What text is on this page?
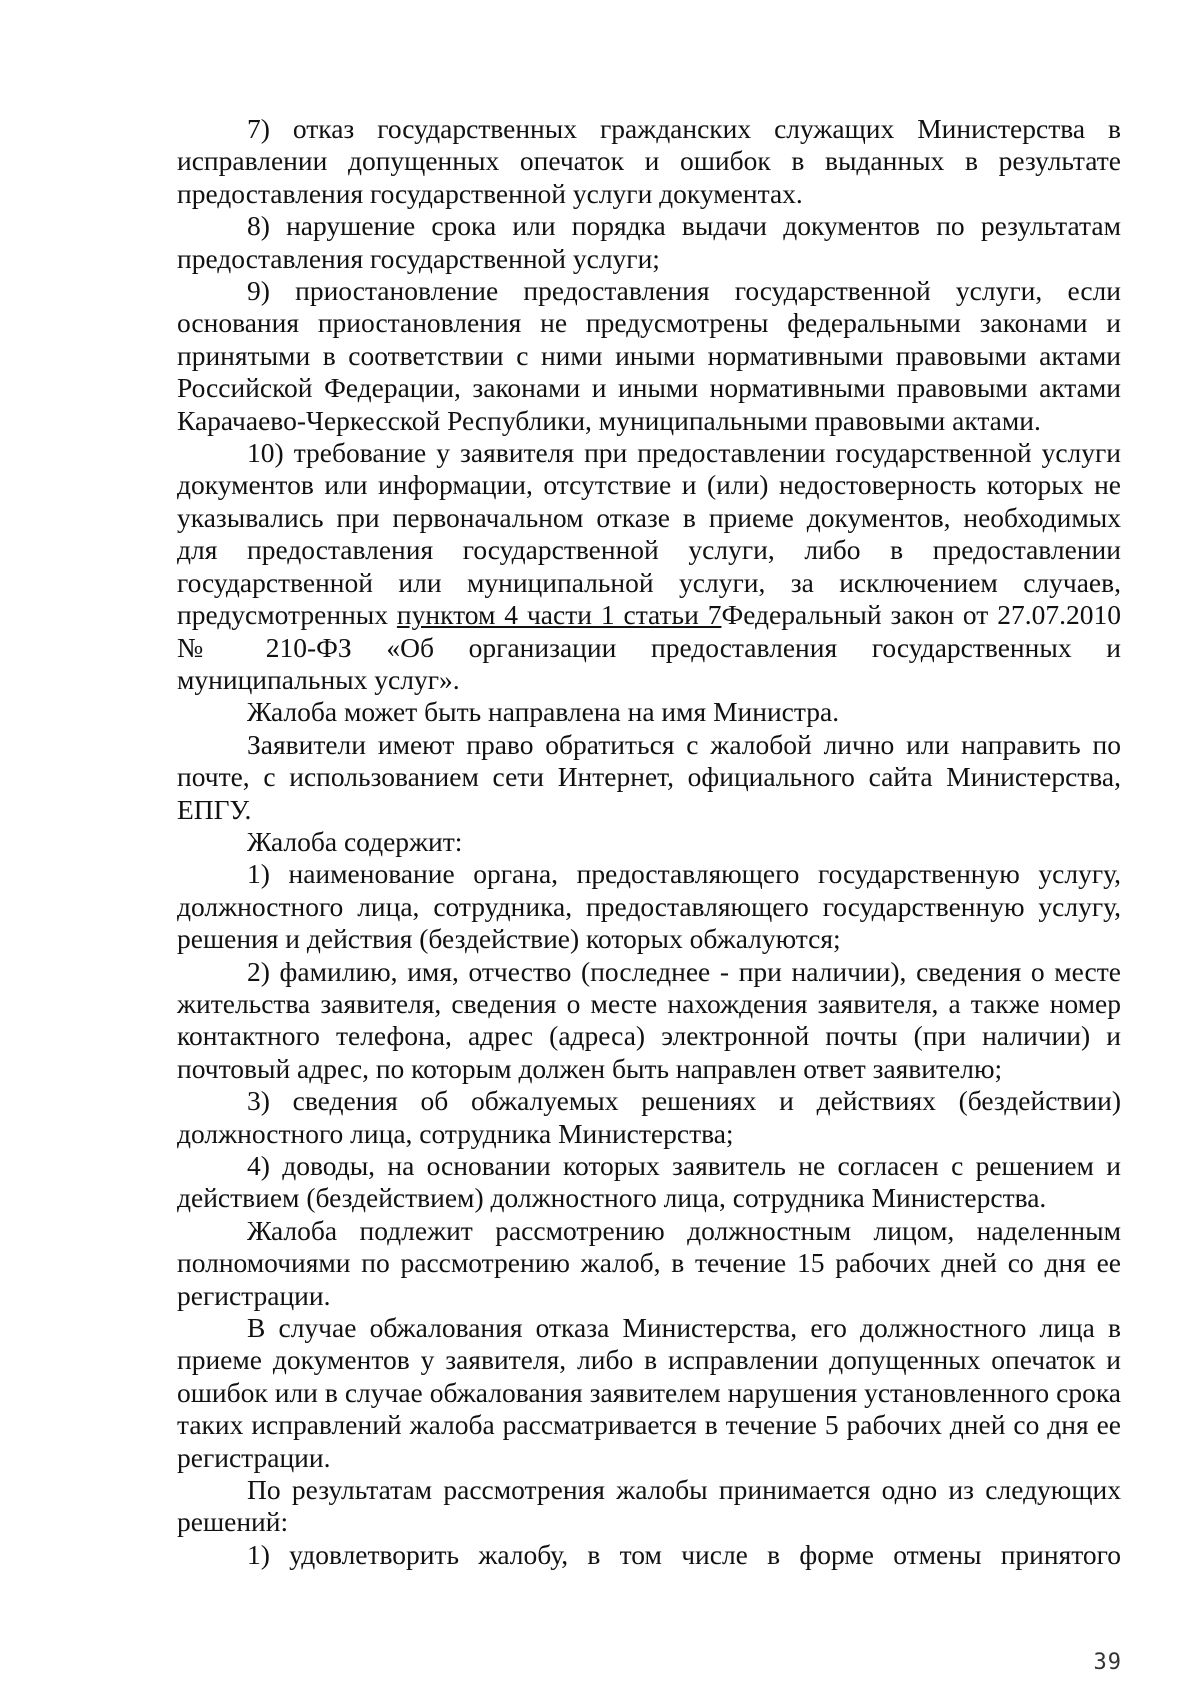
7) отказ государственных гражданских служащих Министерства в исправлении допущенных опечаток и ошибок в выданных в результате предоставления государственной услуги документах.

8) нарушение срока или порядка выдачи документов по результатам предоставления государственной услуги;

9) приостановление предоставления государственной услуги, если основания приостановления не предусмотрены федеральными законами и принятыми в соответствии с ними иными нормативными правовыми актами Российской Федерации, законами и иными нормативными правовыми актами Карачаево-Черкесской Республики, муниципальными правовыми актами.

10) требование у заявителя при предоставлении государственной услуги документов или информации, отсутствие и (или) недостоверность которых не указывались при первоначальном отказе в приеме документов, необходимых для предоставления государственной услуги, либо в предоставлении государственной или муниципальной услуги, за исключением случаев, предусмотренных пунктом 4 части 1 статьи 7Федеральный закон от 27.07.2010 № 210-ФЗ «Об организации предоставления государственных и муниципальных услуг».

Жалоба может быть направлена на имя Министра.

Заявители имеют право обратиться с жалобой лично или направить по почте, с использованием сети Интернет, официального сайта Министерства, ЕПГУ.

Жалоба содержит:

1) наименование органа, предоставляющего государственную услугу, должностного лица, сотрудника, предоставляющего государственную услугу, решения и действия (бездействие) которых обжалуются;

2) фамилию, имя, отчество (последнее - при наличии), сведения о месте жительства заявителя, сведения о месте нахождения заявителя, а также номер контактного телефона, адрес (адреса) электронной почты (при наличии) и почтовый адрес, по которым должен быть направлен ответ заявителю;

3) сведения об обжалуемых решениях и действиях (бездействии) должностного лица, сотрудника Министерства;

4) доводы, на основании которых заявитель не согласен с решением и действием (бездействием) должностного лица, сотрудника Министерства.

Жалоба подлежит рассмотрению должностным лицом, наделенным полномочиями по рассмотрению жалоб, в течение 15 рабочих дней со дня ее регистрации.

В случае обжалования отказа Министерства, его должностного лица в приеме документов у заявителя, либо в исправлении допущенных опечаток и ошибок или в случае обжалования заявителем нарушения установленного срока таких исправлений жалоба рассматривается в течение 5 рабочих дней со дня ее регистрации.

По результатам рассмотрения жалобы принимается одно из следующих решений:

1) удовлетворить жалобу, в том числе в форме отмены принятого

39
